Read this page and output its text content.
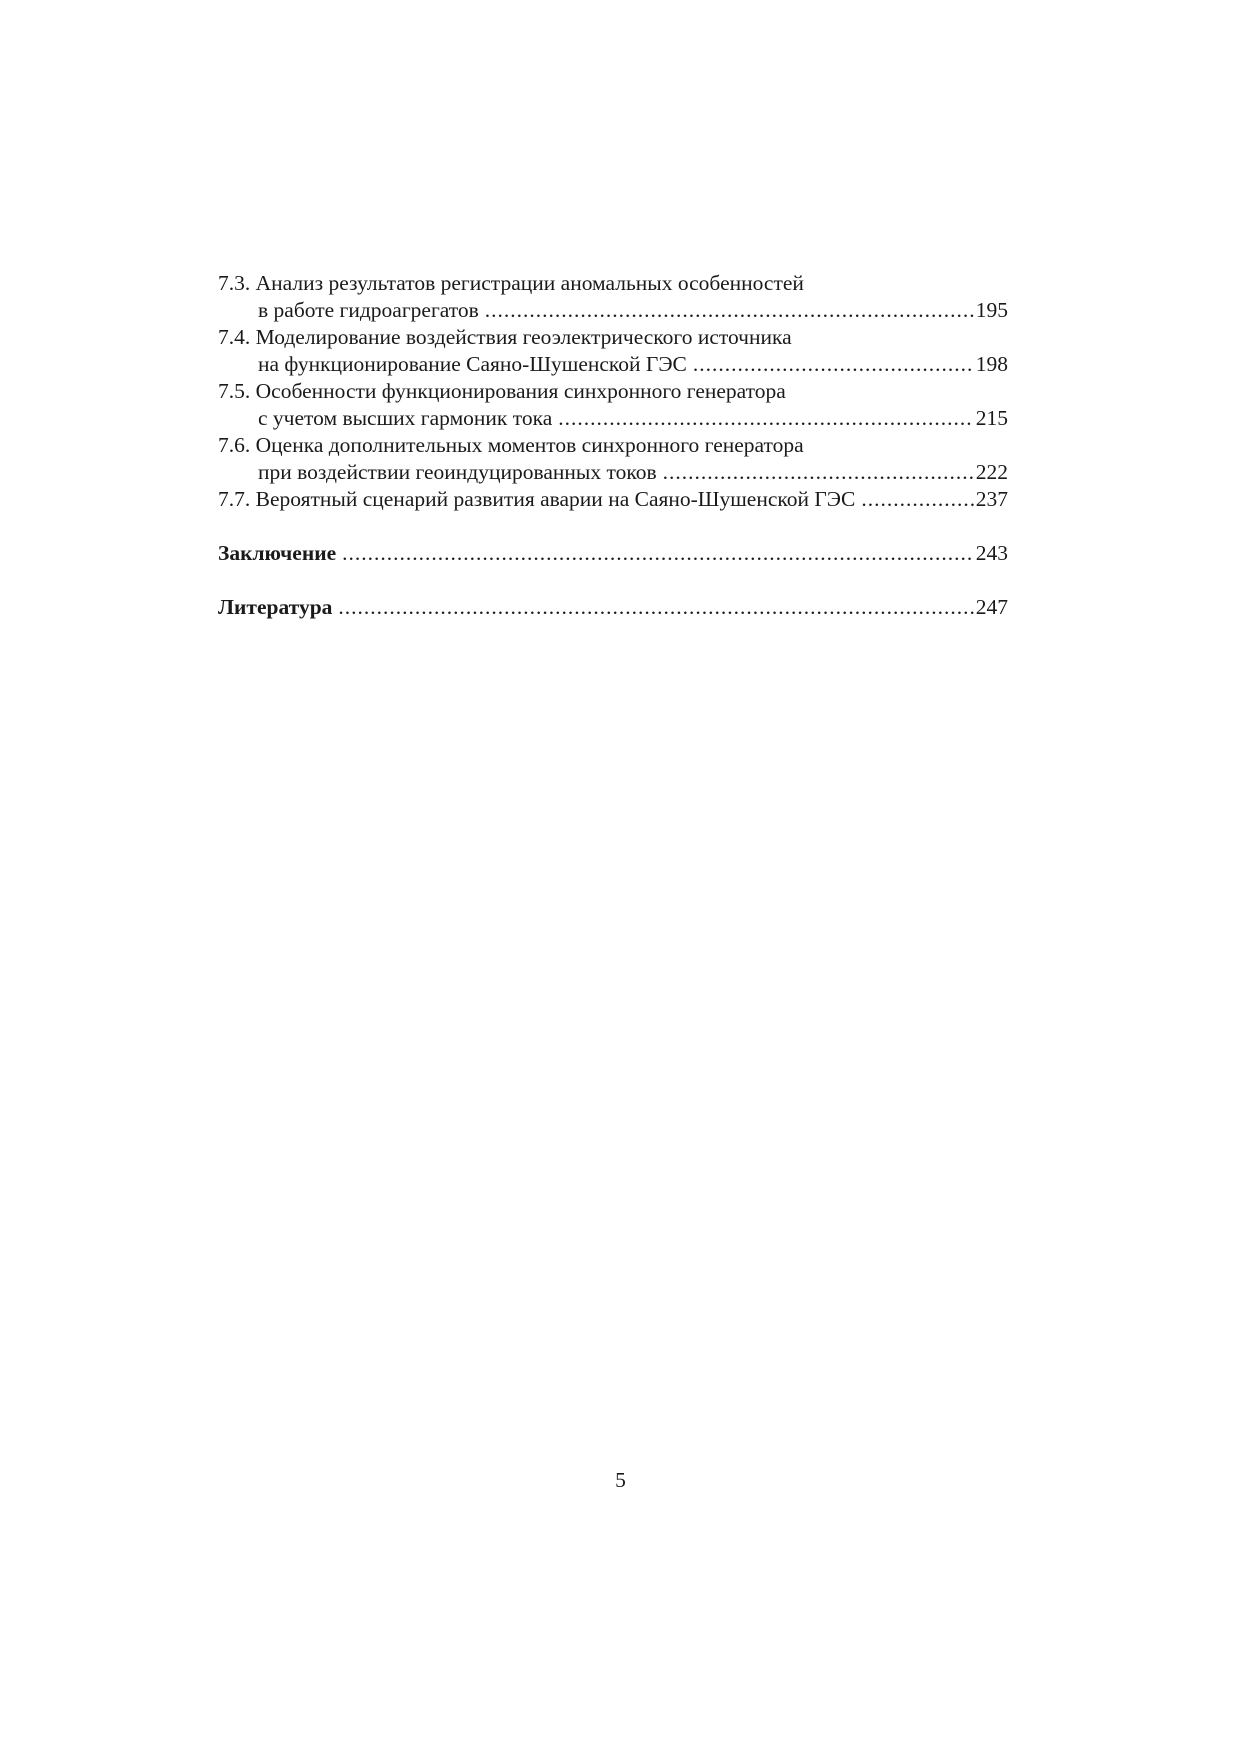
7.3. Анализ результатов регистрации аномальных особенностей
в работе гидроагрегатов .....	195
7.4. Моделирование воздействия геоэлектрического источника
на функционирование Саяно-Шушенской ГЭС .....	198
7.5. Особенности функционирования синхронного генератора
с учетом высших гармоник тока .....	215
7.6. Оценка дополнительных моментов синхронного генератора
при воздействии геоиндуцированных токов .....	222
7.7. Вероятный сценарий развития аварии на Саяно-Шушенской ГЭС .....	237
Заключение .....	243
Литература .....	247
5
